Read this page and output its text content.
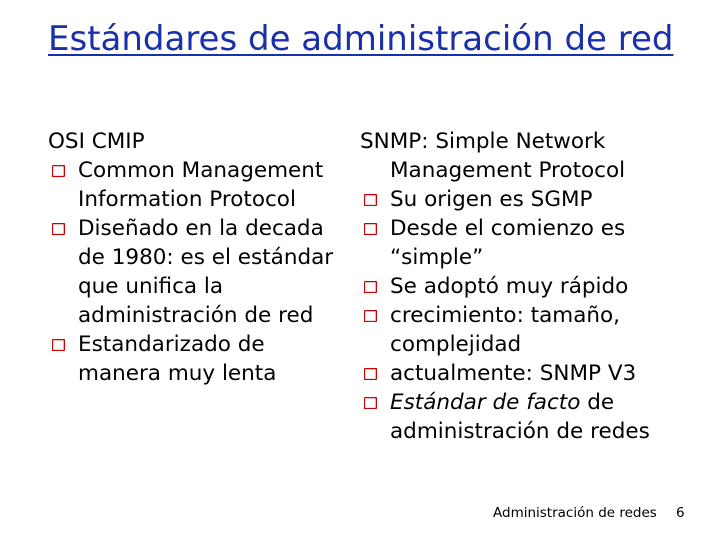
Estándares de administración de red
OSI CMIP
Common Management Information Protocol
Diseñado en la decada de 1980: es el estándar que unifica la administración de red
Estandarizado de manera muy lenta
SNMP: Simple Network
Management Protocol
Su origen es SGMP
Desde el comienzo es “simple”
Se adoptó muy rápido
crecimiento: tamaño, complejidad
actualmente: SNMP V3
Estándar de facto de administración de redes
Administración de redes 6
